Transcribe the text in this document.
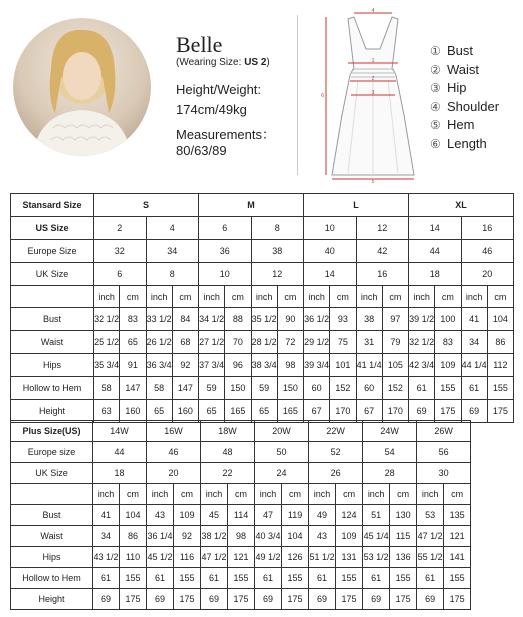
Belle
(Wearing Size: US 2)
Height/Weight:
174cm/49kg
Measurements：
80/63/89
4
1
2
3
5
6
① Bust
② Waist
③ Hip
④ Shoulder
⑤ Hem
⑥ Length
Stansard Size	S				M				L				XL			
US Size	2		4		6		8		10		12		14		16	
Europe Size	32		34		36		38		40		42		44		46	
UK Size	6		8		10		12		14		16		18		20	
	inch	cm	inch	cm	inch	cm	inch	cm	inch	cm	inch	cm	inch	cm	inch	cm
Bust	32 1/2	83	33 1/2	84	34 1/2	88	35 1/2	90	36 1/2	93	38	97	39 1/2	100	41	104
Waist	25 1/2	65	26 1/2	68	27 1/2	70	28 1/2	72	29 1/2	75	31	79	32 1/2	83	34	86
Hips	35 3/4	91	36 3/4	92	37 3/4	96	38 3/4	98	39 3/4	101	41 1/4	105	42 3/4	109	44 1/4	112
Hollow to Hem	58	147	58	147	59	150	59	150	60	152	60	152	61	155	61	155
Height	63	160	65	160	65	165	65	165	67	170	67	170	69	175	69	175
Plus Size(US)	14W		16W		18W		20W		22W		24W		26W	
Europe size	44		46		48		50		52		54		56	
UK Size	18		20		22		24		26		28		30	
	inch	cm	inch	cm	inch	cm	inch	cm	inch	cm	inch	cm	inch	cm
Bust	41	104	43	109	45	114	47	119	49	124	51	130	53	135
Waist	34	86	36 1/4	92	38 1/2	98	40 3/4	104	43	109	45 1/4	115	47 1/2	121
Hips	43 1/2	110	45 1/2	116	47 1/2	121	49 1/2	126	51 1/2	131	53 1/2	136	55 1/2	141
Hollow to Hem	61	155	61	155	61	155	61	155	61	155	61	155	61	155
Height	69	175	69	175	69	175	69	175	69	175	69	175	69	175
